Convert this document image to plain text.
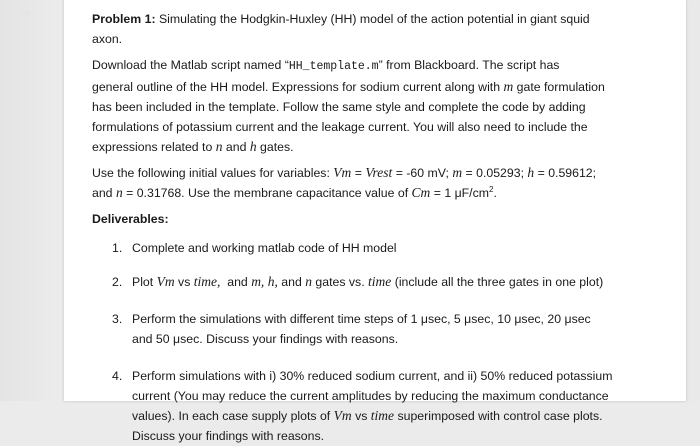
▭	Problem 1: Simulating the Hodgkin-Huxley (HH) model of the action potential in giant squid
axon.

Download the Matlab script named “HH_template.m” from Blackboard. The script has
general outline of the HH model. Expressions for sodium current along with m gate formulation
has been included in the template. Follow the same style and complete the code by adding
formulations of potassium current and the leakage current. You will also need to include the
expressions related to n and h gates.

Use the following initial values for variables: Vm = Vrest = -60 mV; m = 0.05293; h = 0.59612;
and n = 0.31768. Use the membrane capacitance value of Cm = 1 $\mu F/cm^2$.

Deliverables:

1. Complete and working matlab code of HH model
2. Plot Vm vs time, and m, h, and n gates vs. time (include all the three gates in one plot)
3. Perform the simulations with different time steps of 1 μsec, 5 μsec, 10 μsec, 20 μsec
and 50 μsec. Discuss your findings with reasons.
4. Perform simulations with i) 30% reduced sodium current, and ii) 50% reduced potassium
current (You may reduce the current amplitudes by reducing the maximum conductance
values). In each case supply plots of Vm vs time superimposed with control case plots.
Discuss your findings with reasons.
